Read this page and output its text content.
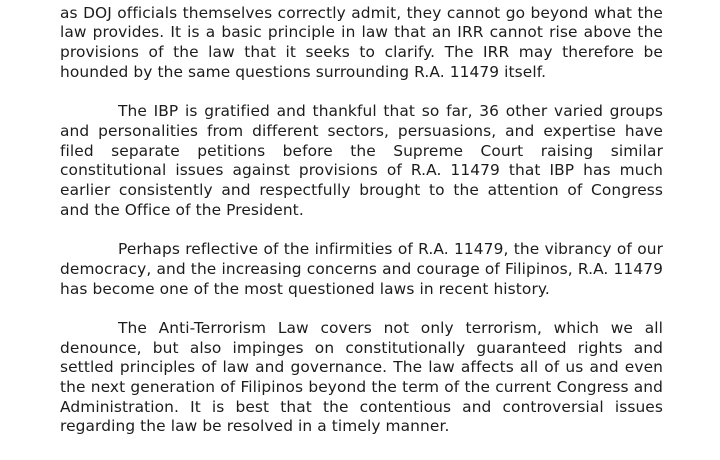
as DOJ officials themselves correctly admit, they cannot go beyond what the law provides. It is a basic principle in law that an IRR cannot rise above the provisions of the law that it seeks to clarify. The IRR may therefore be hounded by the same questions surrounding R.A. 11479 itself.

The IBP is gratified and thankful that so far, 36 other varied groups and personalities from different sectors, persuasions, and expertise have filed separate petitions before the Supreme Court raising similar constitutional issues against provisions of R.A. 11479 that IBP has much earlier consistently and respectfully brought to the attention of Congress and the Office of the President.

Perhaps reflective of the infirmities of R.A. 11479, the vibrancy of our democracy, and the increasing concerns and courage of Filipinos, R.A. 11479 has become one of the most questioned laws in recent history.

The Anti-Terrorism Law covers not only terrorism, which we all denounce, but also impinges on constitutionally guaranteed rights and settled principles of law and governance. The law affects all of us and even the next generation of Filipinos beyond the term of the current Congress and Administration. It is best that the contentious and controversial issues regarding the law be resolved in a timely manner.
